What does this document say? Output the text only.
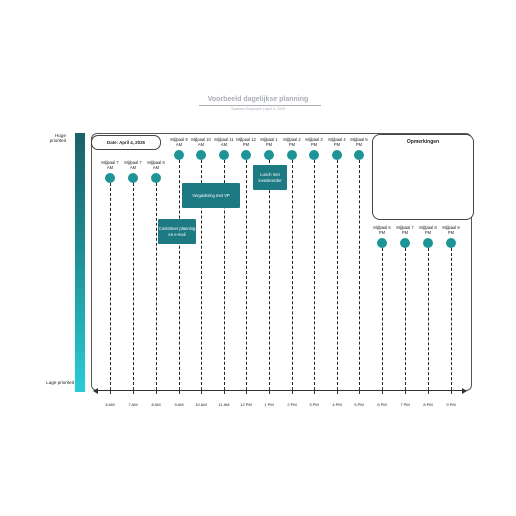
Voorbeeld dagelijkse planning
Systeem Employee | April 4, 2025
Hoge prioriteit
Lage prioriteit
Date: April 4, 2025	Opmerkingen
6 AM	7 AM	8 AM	9 AM	10 AM	11 AM	12 PM	1 PM	2 PM	3 PM	4 PM	5 PM	6 PM	7 PM	8 PM	9 PM
Mijlpaal 7 AM
Mijlpaal 7 AM
Mijlpaal 8 AM
Mijlpaal 9 AM
Mijlpaal 10 AM
Mijlpaal 11 AM
Mijlpaal 12 PM
Mijlpaal 1 PM
Mijlpaal 2 PM
Mijlpaal 3 PM
Mijlpaal 4 PM
Mijlpaal 5 PM
Mijlpaal 6 PM
Mijlpaal 7 PM
Mijlpaal 8 PM
Mijlpaal 9 PM
Controleer planning en e-mail
Vergadering met VP
Lunch met investeerder
